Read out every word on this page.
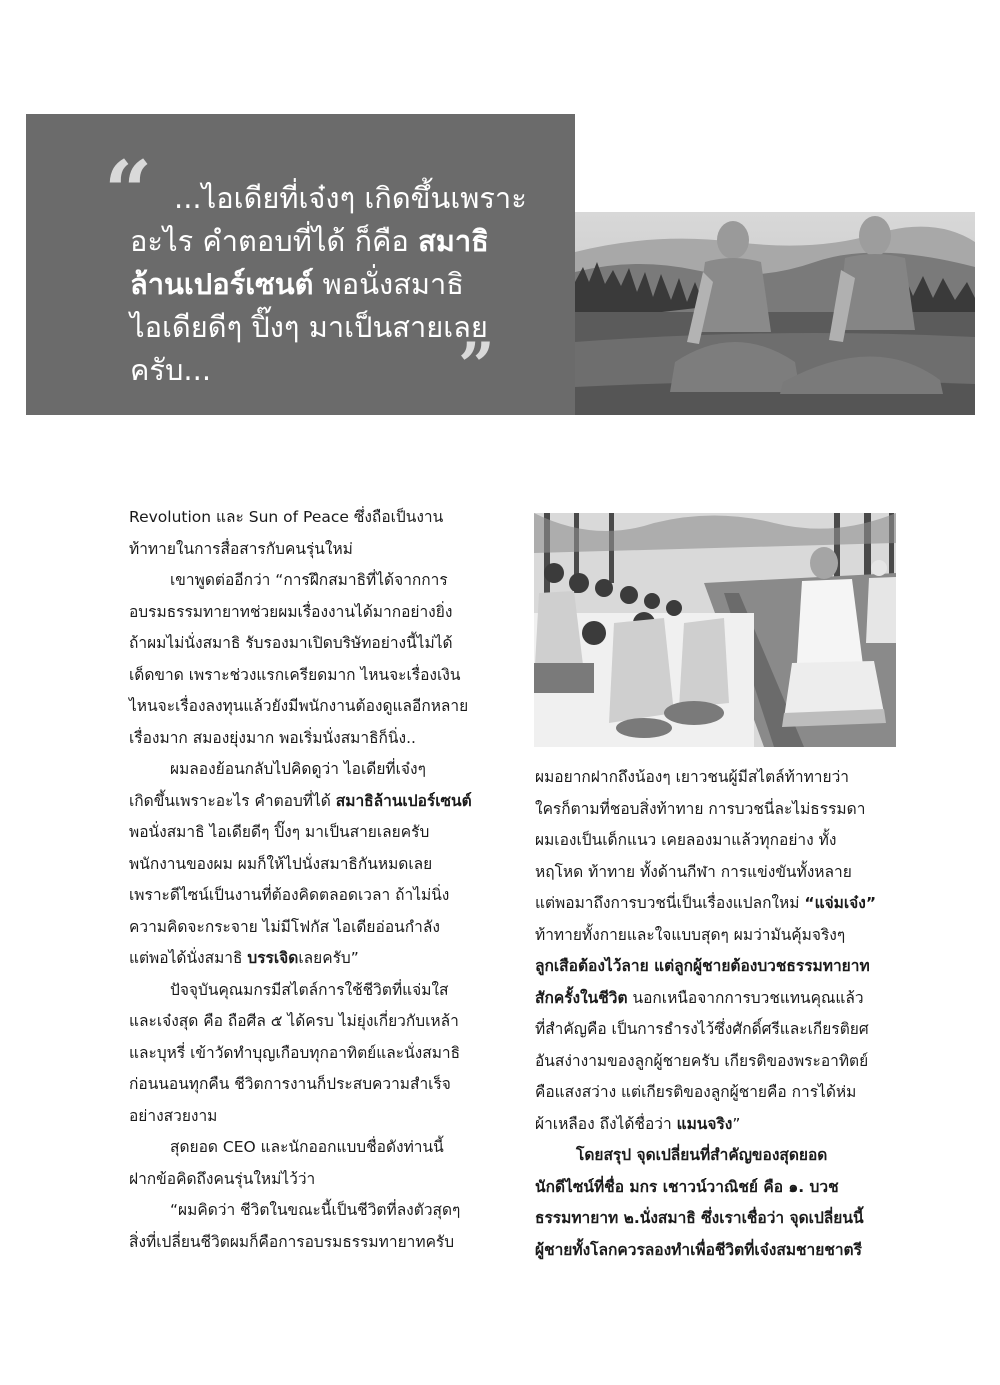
“ ...ไอเดียที่เจ๋งๆ เกิดขึ้นเพราะ
อะไร คำตอบที่ได้ ก็คือ สมาธิ
ล้านเปอร์เซนต์ พอนั่งสมาธิ
ไอเดียดีๆ ปิ๊งๆ มาเป็นสายเลย
ครับ...	”

Revolution และ Sun of Peace ซึ่งถือเป็นงาน
ท้าทายในการสื่อสารกับคนรุ่นใหม่

เขาพูดต่ออีกว่า “การฝึกสมาธิที่ได้จากการ
อบรมธรรมทายาทช่วยผมเรื่องงานได้มากอย่างยิ่ง
ถ้าผมไม่นั่งสมาธิ รับรองมาเปิดบริษัทอย่างนี้ไม่ได้
เด็ดขาด เพราะช่วงแรกเครียดมาก ไหนจะเรื่องเงิน
ไหนจะเรื่องลงทุนแล้วยังมีพนักงานต้องดูแลอีกหลาย
เรื่องมาก สมองยุ่งมาก พอเริ่มนั่งสมาธิก็นิ่ง..

ผมลองย้อนกลับไปคิดดูว่า ไอเดียที่เจ๋งๆ
เกิดขึ้นเพราะอะไร คำตอบที่ได้ สมาธิล้านเปอร์เซนต์
พอนั่งสมาธิ ไอเดียดีๆ ปิ๊งๆ มาเป็นสายเลยครับ
พนักงานของผม ผมก็ให้ไปนั่งสมาธิกันหมดเลย
เพราะดีไซน์เป็นงานที่ต้องคิดตลอดเวลา ถ้าไม่นิ่ง
ความคิดจะกระจาย ไม่มีโฟกัส ไอเดียอ่อนกำลัง
แต่พอได้นั่งสมาธิ บรรเจิดเลยครับ”

ปัจจุบันคุณมกรมีสไตล์การใช้ชีวิตที่แจ่มใส
และเจ๋งสุด คือ ถือศีล ๕ ได้ครบ ไม่ยุ่งเกี่ยวกับเหล้า
และบุหรี่ เข้าวัดทำบุญเกือบทุกอาทิตย์และนั่งสมาธิ
ก่อนนอนทุกคืน ชีวิตการงานก็ประสบความสำเร็จ
อย่างสวยงาม

สุดยอด CEO และนักออกแบบชื่อดังท่านนี้
ฝากข้อคิดถึงคนรุ่นใหม่ไว้ว่า

“ผมคิดว่า ชีวิตในขณะนี้เป็นชีวิตที่ลงตัวสุดๆ
สิ่งที่เปลี่ยนชีวิตผมก็คือการอบรมธรรมทายาทครับ

ผมอยากฝากถึงน้องๆ เยาวชนผู้มีสไตล์ท้าทายว่า
ใครก็ตามที่ชอบสิ่งท้าทาย การบวชนี่ละไม่ธรรมดา
ผมเองเป็นเด็กแนว เคยลองมาแล้วทุกอย่าง ทั้ง
หฤโหด ท้าทาย ทั้งด้านกีฬา การแข่งขันทั้งหลาย
แต่พอมาถึงการบวชนี่เป็นเรื่องแปลกใหม่ “แจ่มเจ๋ง”
ท้าทายทั้งกายและใจแบบสุดๆ ผมว่ามันคุ้มจริงๆ
ลูกเสือต้องไว้ลาย แต่ลูกผู้ชายต้องบวชธรรมทายาท
สักครั้งในชีวิต นอกเหนือจากการบวชแทนคุณแล้ว
ที่สำคัญคือ เป็นการธำรงไว้ซึ่งศักดิ์ศรีและเกียรติยศ
อันสง่างามของลูกผู้ชายครับ เกียรติของพระอาทิตย์
คือแสงสว่าง แต่เกียรติของลูกผู้ชายคือ การได้ห่ม
ผ้าเหลือง ถึงได้ชื่อว่า แมนจริง”

โดยสรุป จุดเปลี่ยนที่สำคัญของสุดยอด
นักดีไซน์ที่ชื่อ มกร เชาวน์วาณิชย์ คือ ๑. บวช
ธรรมทายาท ๒.นั่งสมาธิ ซึ่งเราเชื่อว่า จุดเปลี่ยนนี้
ผู้ชายทั้งโลกควรลองทำเพื่อชีวิตที่เจ๋งสมชายชาตรี
